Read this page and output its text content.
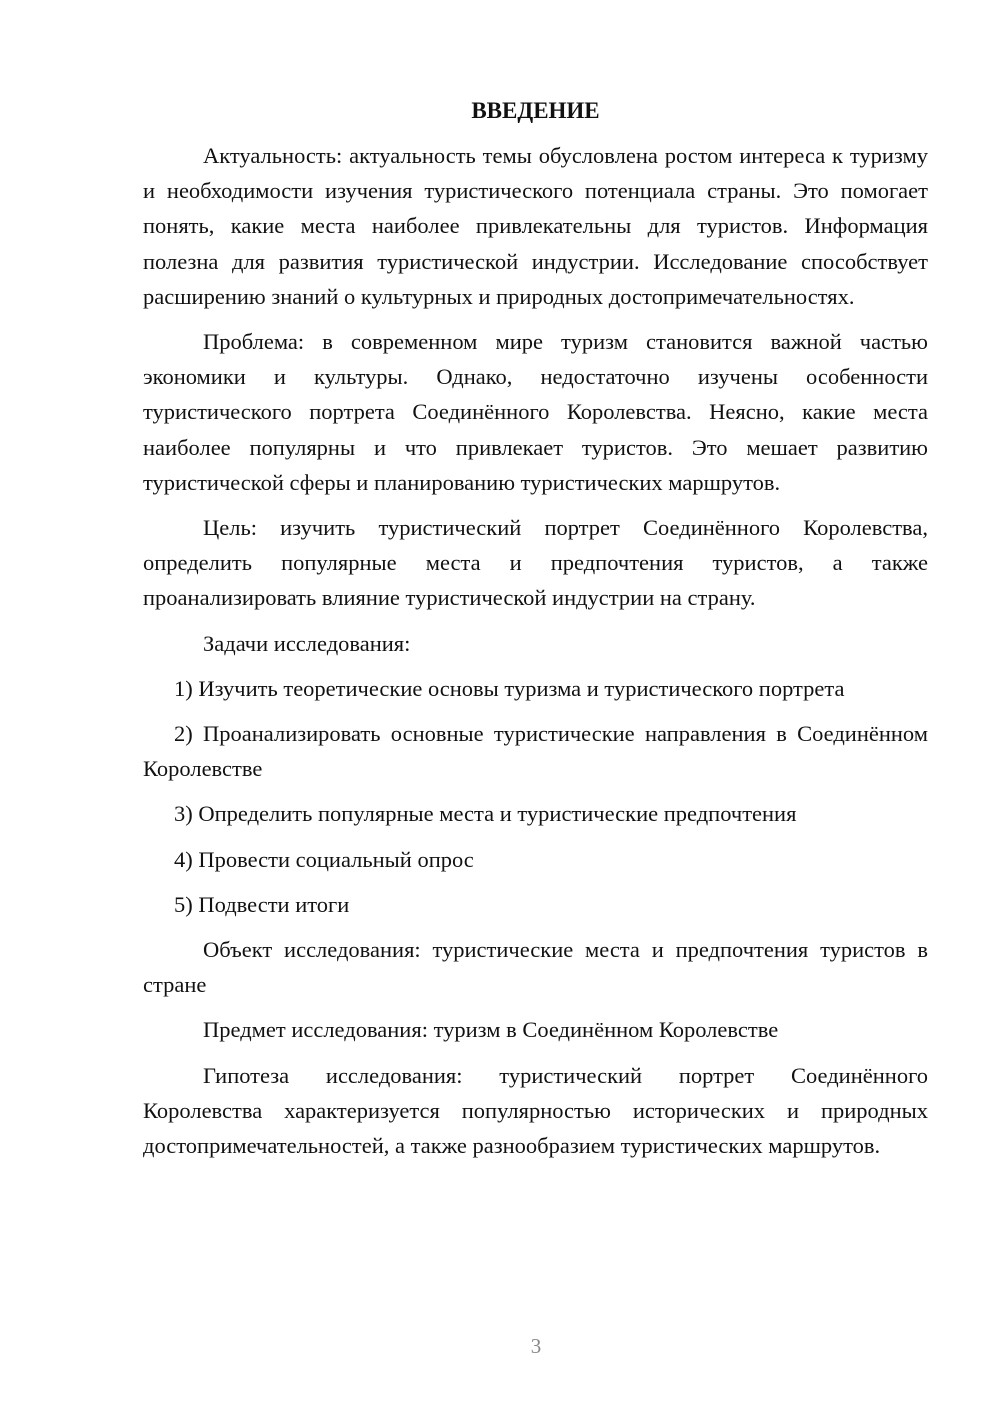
ВВЕДЕНИЕ

Актуальность: актуальность темы обусловлена ростом интереса к туризму и необходимости изучения туристического потенциала страны. Это помогает понять, какие места наиболее привлекательны для туристов. Информация полезна для развития туристической индустрии. Исследование способствует расширению знаний о культурных и природных достопримечательностях.

Проблема: в современном мире туризм становится важной частью экономики и культуры. Однако, недостаточно изучены особенности туристического портрета Соединённого Королевства. Неясно, какие места наиболее популярны и что привлекает туристов. Это мешает развитию туристической сферы и планированию туристических маршрутов.

Цель: изучить туристический портрет Соединённого Королевства, определить популярные места и предпочтения туристов, а также проанализировать влияние туристической индустрии на страну.

Задачи исследования:

1) Изучить теоретические основы туризма и туристического портрета

2) Проанализировать основные туристические направления в Соединённом Королевстве

3) Определить популярные места и туристические предпочтения

4) Провести социальный опрос

5) Подвести итоги

Объект исследования: туристические места и предпочтения туристов в стране

Предмет исследования: туризм в Соединённом Королевстве

Гипотеза исследования: туристический портрет Соединённого Королевства характеризуется популярностью исторических и природных достопримечательностей, а также разнообразием туристических маршрутов.

3
